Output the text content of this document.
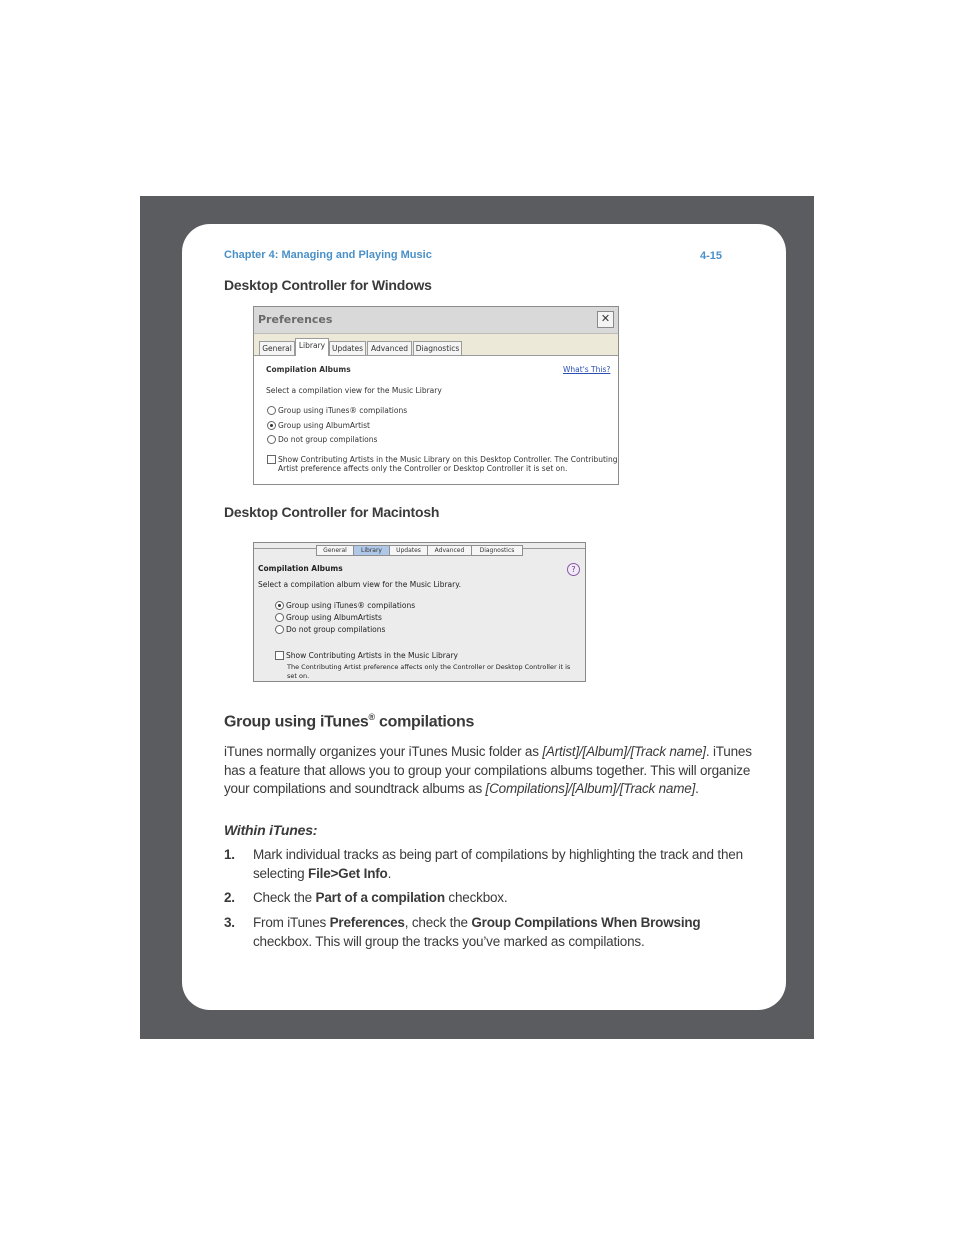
Chapter 4: Managing and Playing Music	4-15
Desktop Controller for Windows
Preferences	✕
General Library Updates	Advanced	Diagnostics
Compilation Albums	What's This?
Select a compilation view for the Music Library
Group using iTunes® compilations
Group using AlbumArtist
Do not group compilations
Show Contributing Artists in the Music Library on this Desktop Controller. The Contributing
Artist preference affects only the Controller or Desktop Controller it is set on.
Desktop Controller for Macintosh
General	Library	Updates	Advanced	Diagnostics
Compilation Albums	?
Select a compilation album view for the Music Library.
Group using iTunes® compilations
Group using AlbumArtists
Do not group compilations
Show Contributing Artists in the Music Library
The Contributing Artist preference affects only the Controller or Desktop Controller it is
set on.
Group using iTunes® compilations
iTunes normally organizes your iTunes Music folder as [Artist]/[Album]/[Track name]. iTunes has a feature that allows you to group your compilations albums together. This will organize your compilations and soundtrack albums as [Compilations]/[Album]/[Track name].
Within iTunes:
1. Mark individual tracks as being part of compilations by highlighting the track and then selecting File>Get Info.
2. Check the Part of a compilation checkbox.
3. From iTunes Preferences, check the Group Compilations When Browsing checkbox. This will group the tracks you’ve marked as compilations.
